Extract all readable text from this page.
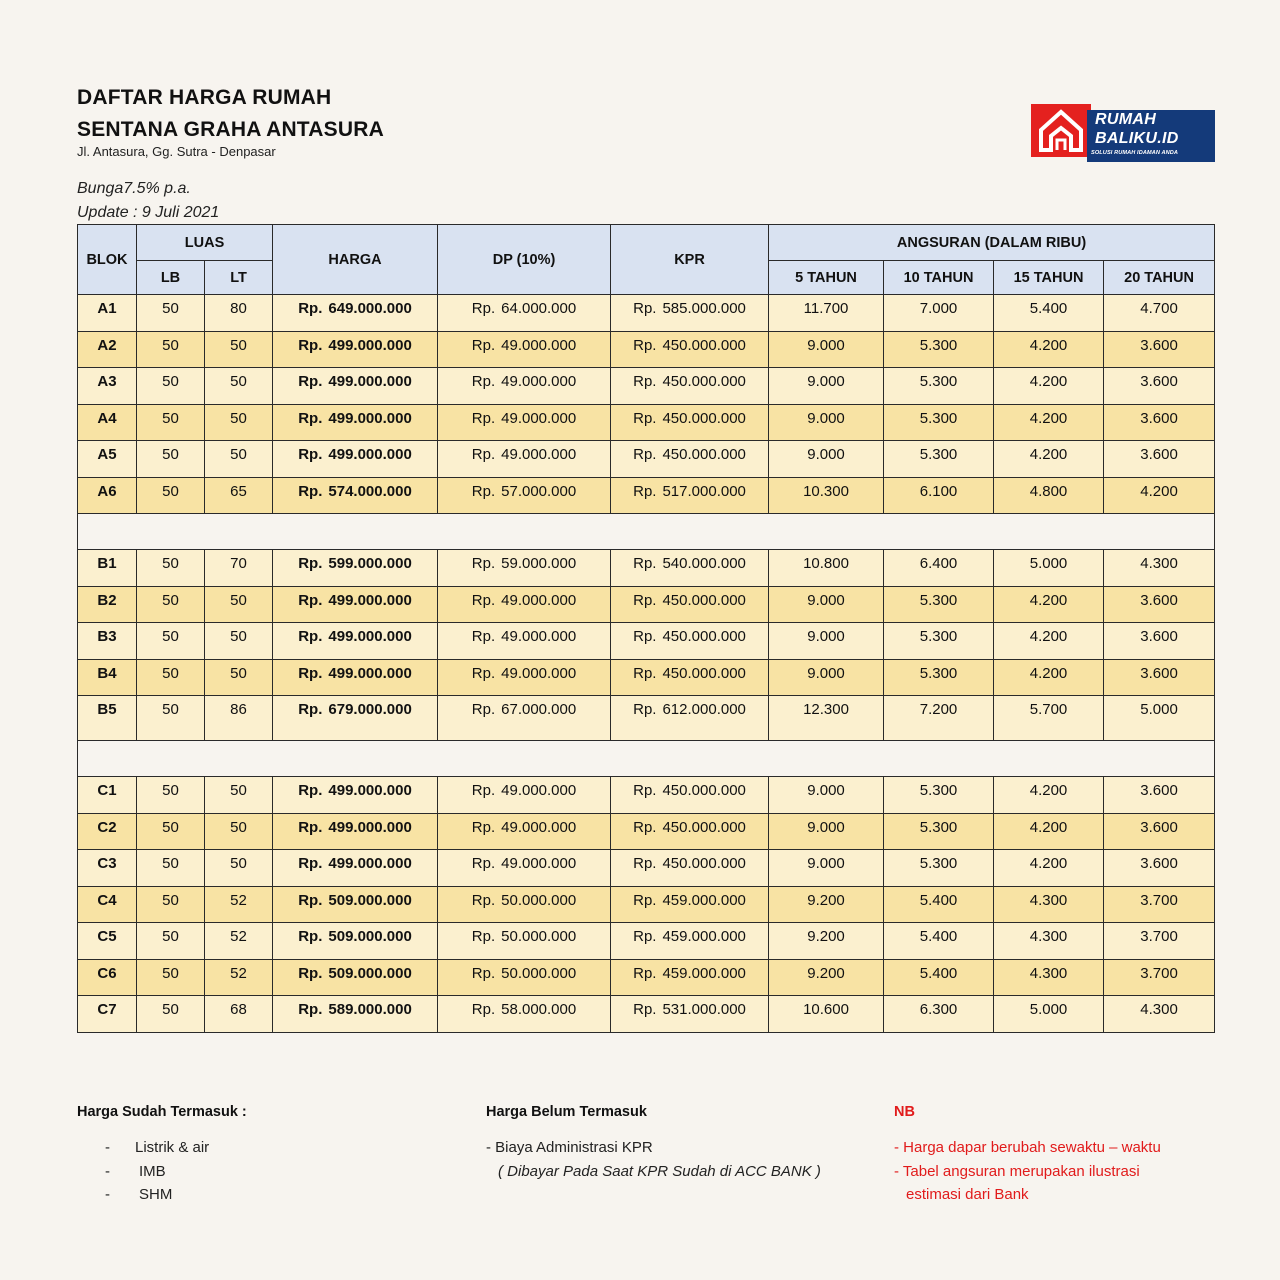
DAFTAR HARGA RUMAH
SENTANA GRAHA ANTASURA
Jl. Antasura, Gg. Sutra - Denpasar
Bunga7.5% p.a.
Update : 9 Juli 2021
RUMAH
BALIKU.ID
SOLUSI RUMAH IDAMAN ANDA
BLOK	LUAS		HARGA	DP (10%)	KPR	ANGSURAN (DALAM RIBU)			
	LB	LT				5 TAHUN	10 TAHUN	15 TAHUN	20 TAHUN
A1	50	80	Rp. 649.000.000	Rp. 64.000.000	Rp. 585.000.000	11.700	7.000	5.400	4.700
A2	50	50	Rp. 499.000.000	Rp. 49.000.000	Rp. 450.000.000	9.000	5.300	4.200	3.600
A3	50	50	Rp. 499.000.000	Rp. 49.000.000	Rp. 450.000.000	9.000	5.300	4.200	3.600
A4	50	50	Rp. 499.000.000	Rp. 49.000.000	Rp. 450.000.000	9.000	5.300	4.200	3.600
A5	50	50	Rp. 499.000.000	Rp. 49.000.000	Rp. 450.000.000	9.000	5.300	4.200	3.600
A6	50	65	Rp. 574.000.000	Rp. 57.000.000	Rp. 517.000.000	10.300	6.100	4.800	4.200

B1	50	70	Rp. 599.000.000	Rp. 59.000.000	Rp. 540.000.000	10.800	6.400	5.000	4.300
B2	50	50	Rp. 499.000.000	Rp. 49.000.000	Rp. 450.000.000	9.000	5.300	4.200	3.600
B3	50	50	Rp. 499.000.000	Rp. 49.000.000	Rp. 450.000.000	9.000	5.300	4.200	3.600
B4	50	50	Rp. 499.000.000	Rp. 49.000.000	Rp. 450.000.000	9.000	5.300	4.200	3.600
B5	50	86	Rp. 679.000.000	Rp. 67.000.000	Rp. 612.000.000	12.300	7.200	5.700	5.000

C1	50	50	Rp. 499.000.000	Rp. 49.000.000	Rp. 450.000.000	9.000	5.300	4.200	3.600
C2	50	50	Rp. 499.000.000	Rp. 49.000.000	Rp. 450.000.000	9.000	5.300	4.200	3.600
C3	50	50	Rp. 499.000.000	Rp. 49.000.000	Rp. 450.000.000	9.000	5.300	4.200	3.600
C4	50	52	Rp. 509.000.000	Rp. 50.000.000	Rp. 459.000.000	9.200	5.400	4.300	3.700
C5	50	52	Rp. 509.000.000	Rp. 50.000.000	Rp. 459.000.000	9.200	5.400	4.300	3.700
C6	50	52	Rp. 509.000.000	Rp. 50.000.000	Rp. 459.000.000	9.200	5.400	4.300	3.700
C7	50	68	Rp. 589.000.000	Rp. 58.000.000	Rp. 531.000.000	10.600	6.300	5.000	4.300
Harga Sudah Termasuk :
-	Listrik & air
-	IMB
-	SHM
Harga Belum Termasuk
- Biaya Administrasi KPR
( Dibayar Pada Saat KPR Sudah di ACC BANK )
NB
- Harga dapar berubah sewaktu – waktu
- Tabel angsuran merupakan ilustrasi
estimasi dari Bank
